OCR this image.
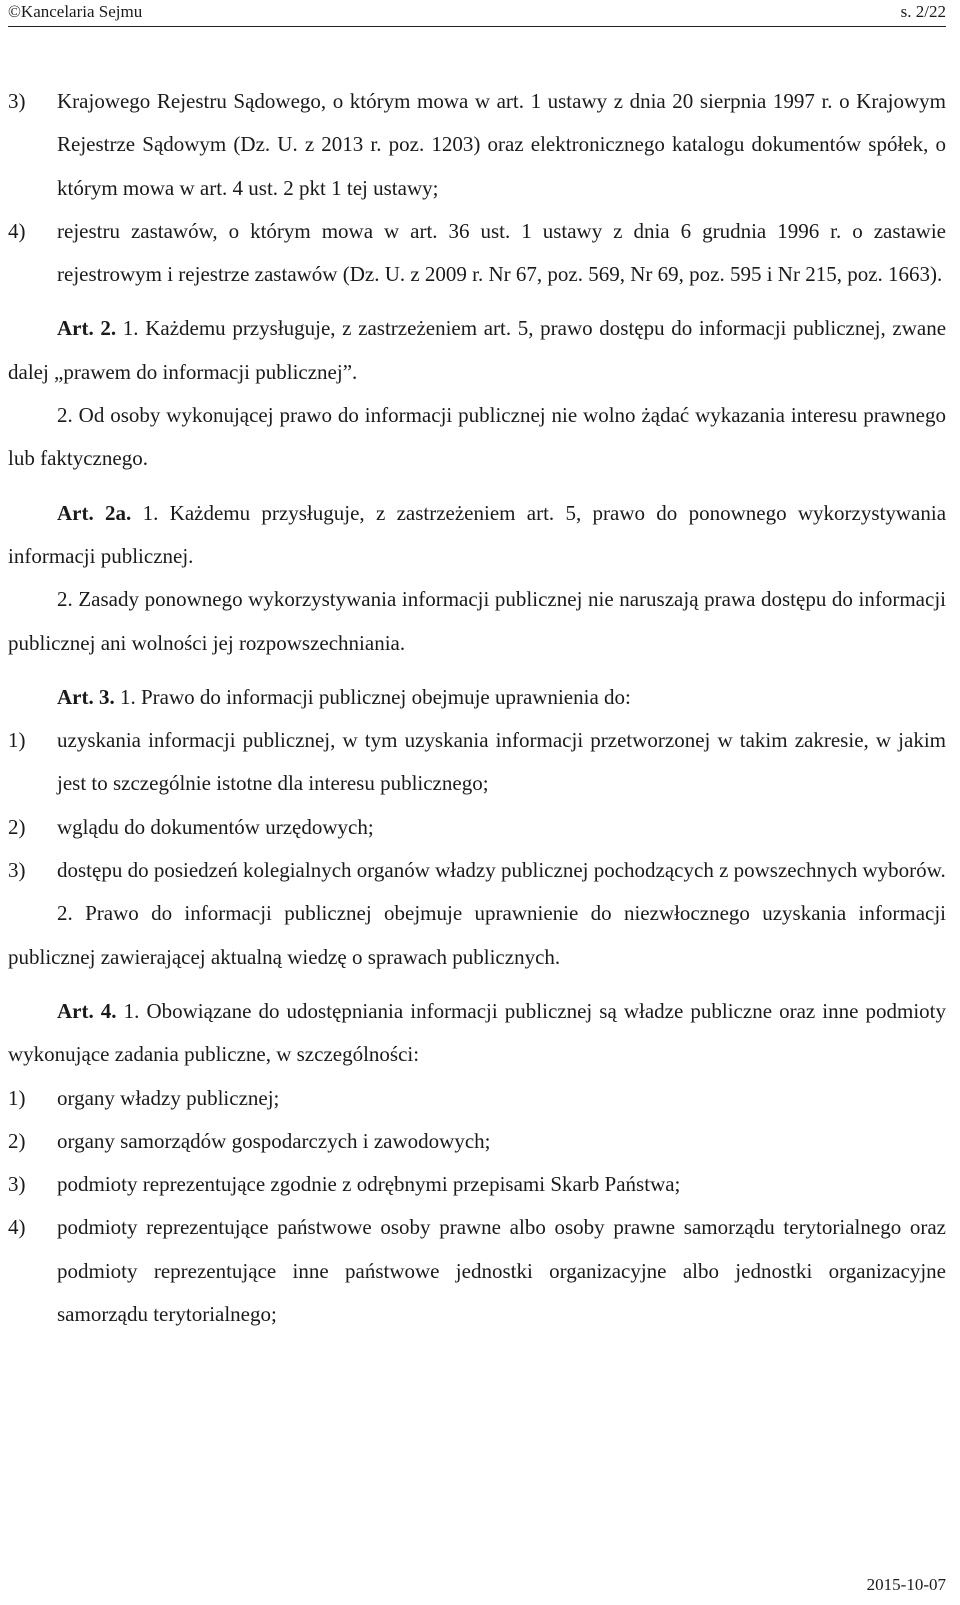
©Kancelaria Sejmu	s. 2/22
3)	Krajowego Rejestru Sądowego, o którym mowa w art. 1 ustawy z dnia 20 sierpnia 1997 r. o Krajowym Rejestrze Sądowym (Dz. U. z 2013 r. poz. 1203) oraz elektronicznego katalogu dokumentów spółek, o którym mowa w art. 4 ust. 2 pkt 1 tej ustawy;
4)	rejestru zastawów, o którym mowa w art. 36 ust. 1 ustawy z dnia 6 grudnia 1996 r. o zastawie rejestrowym i rejestrze zastawów (Dz. U. z 2009 r. Nr 67, poz. 569, Nr 69, poz. 595 i Nr 215, poz. 1663).

Art. 2. 1. Każdemu przysługuje, z zastrzeżeniem art. 5, prawo dostępu do informacji publicznej, zwane dalej „prawem do informacji publicznej”.

2. Od osoby wykonującej prawo do informacji publicznej nie wolno żądać wykazania interesu prawnego lub faktycznego.

Art. 2a. 1. Każdemu przysługuje, z zastrzeżeniem art. 5, prawo do ponownego wykorzystywania informacji publicznej.

2. Zasady ponownego wykorzystywania informacji publicznej nie naruszają prawa dostępu do informacji publicznej ani wolności jej rozpowszechniania.

Art. 3. 1. Prawo do informacji publicznej obejmuje uprawnienia do:

1)	uzyskania informacji publicznej, w tym uzyskania informacji przetworzonej w takim zakresie, w jakim jest to szczególnie istotne dla interesu publicznego;
2)	wglądu do dokumentów urzędowych;
3)	dostępu do posiedzeń kolegialnych organów władzy publicznej pochodzących z powszechnych wyborów.

2. Prawo do informacji publicznej obejmuje uprawnienie do niezwłocznego uzyskania informacji publicznej zawierającej aktualną wiedzę o sprawach publicznych.

Art. 4. 1. Obowiązane do udostępniania informacji publicznej są władze publiczne oraz inne podmioty wykonujące zadania publiczne, w szczególności:

1)	organy władzy publicznej;
2)	organy samorządów gospodarczych i zawodowych;
3)	podmioty reprezentujące zgodnie z odrębnymi przepisami Skarb Państwa;
4)	podmioty reprezentujące państwowe osoby prawne albo osoby prawne samorządu terytorialnego oraz podmioty reprezentujące inne państwowe jednostki organizacyjne albo jednostki organizacyjne samorządu terytorialnego;
2015-10-07
